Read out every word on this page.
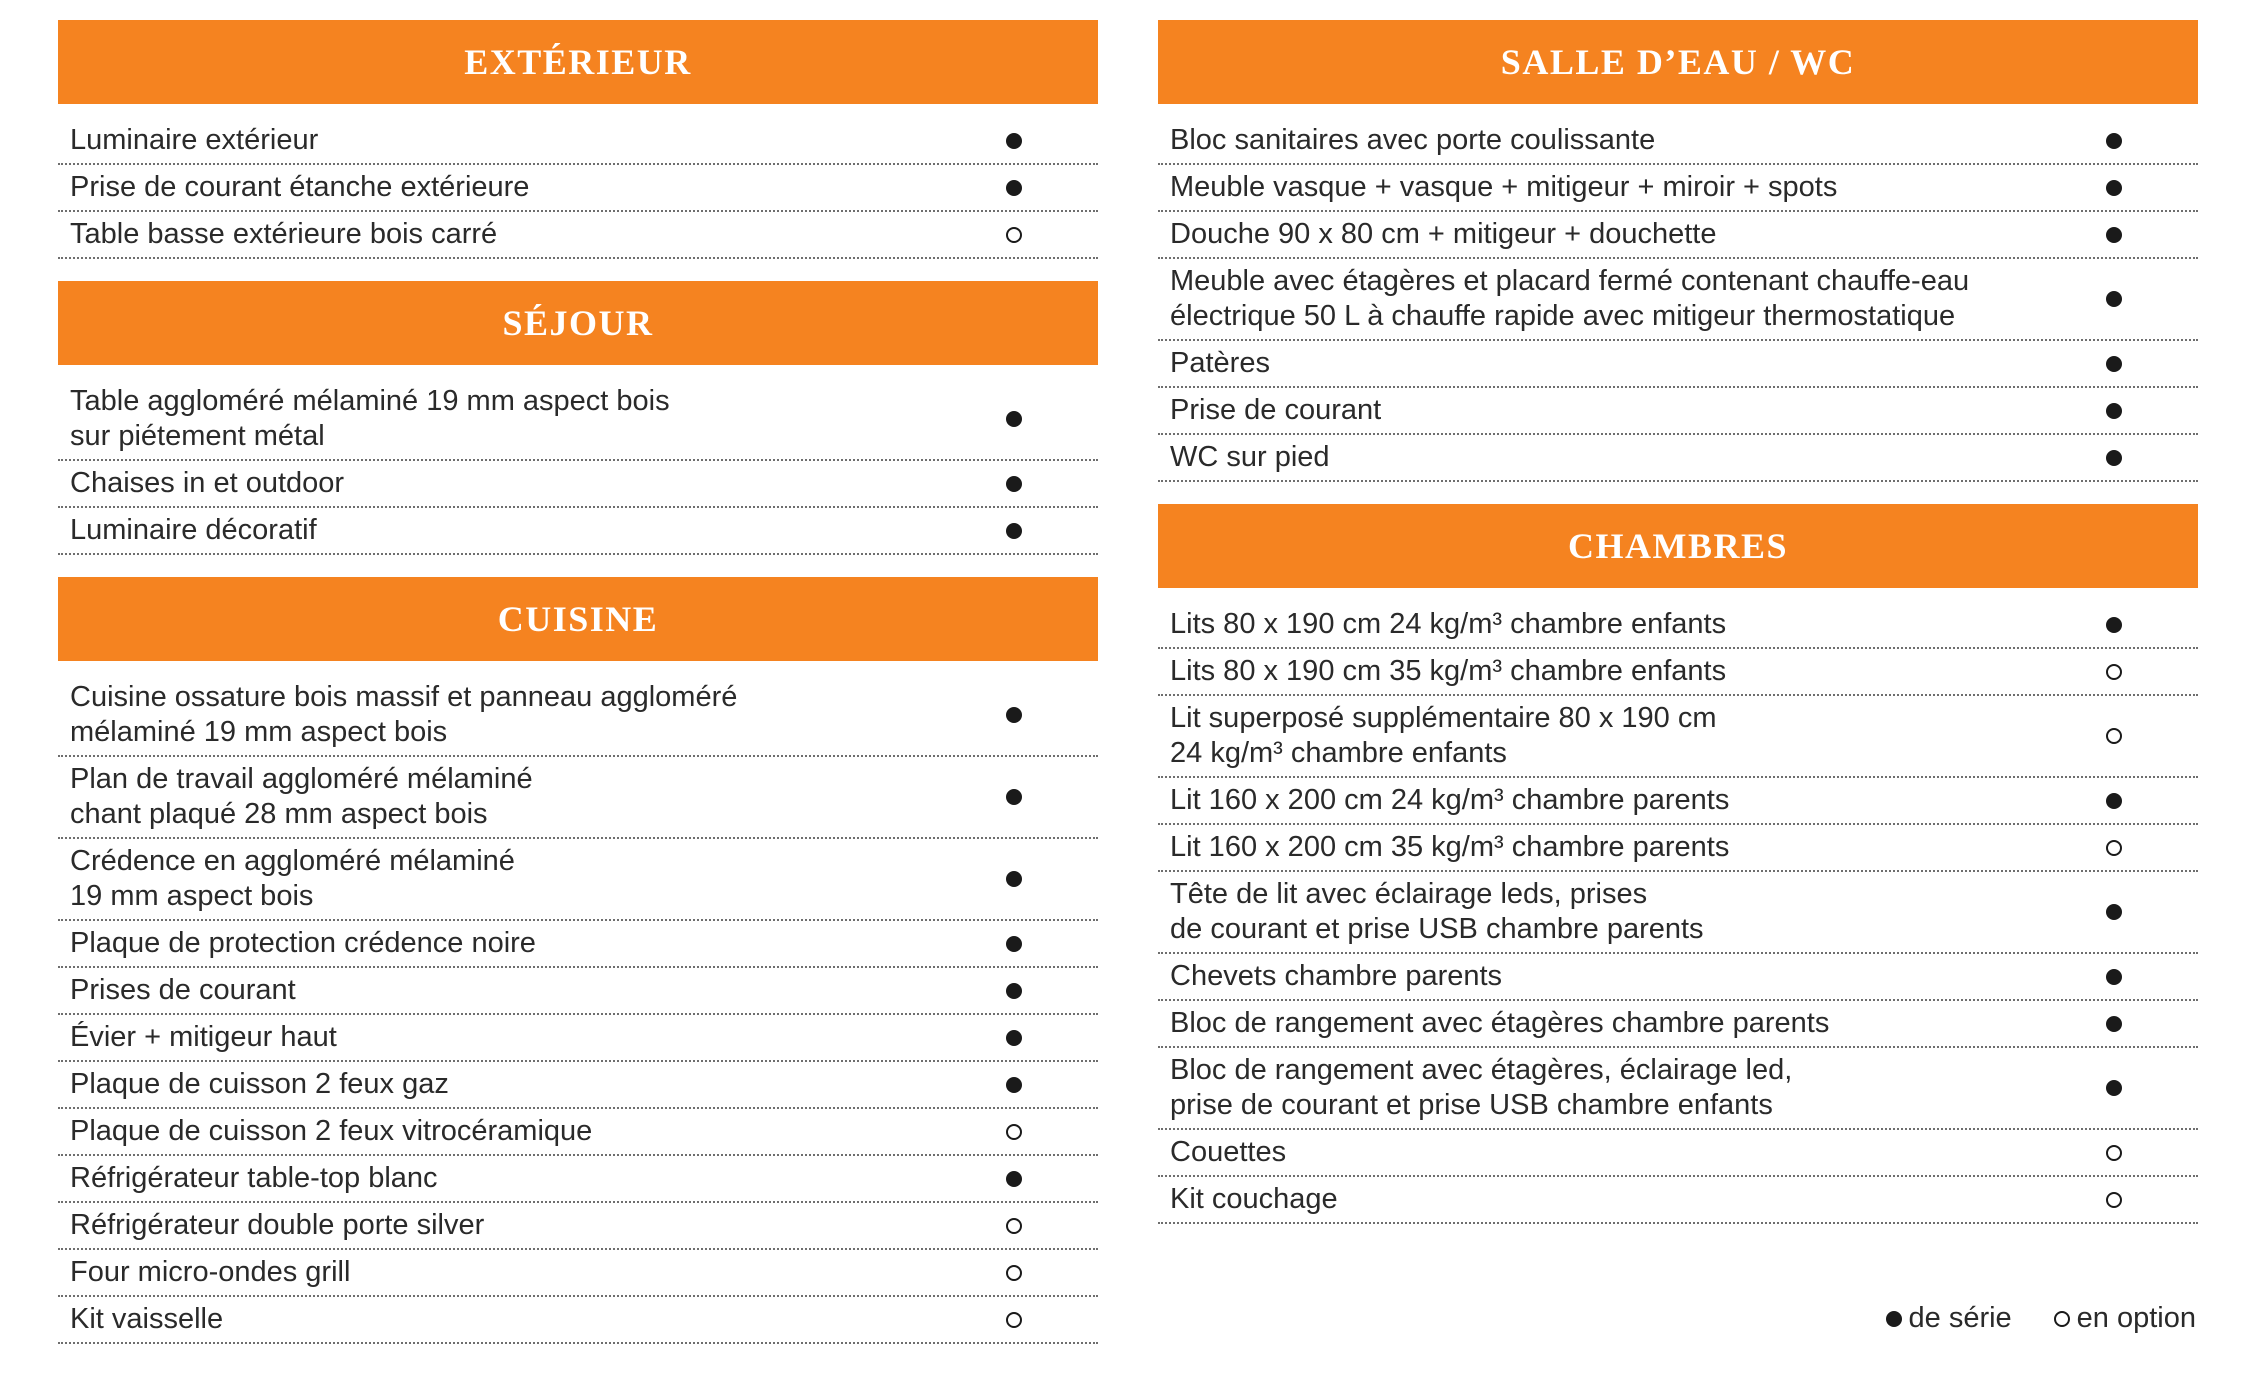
EXTÉRIEUR
Luminaire extérieur
Prise de courant étanche extérieure
Table basse extérieure bois carré
SÉJOUR
Table aggloméré mélaminé 19 mm aspect bois
sur piétement métal
Chaises in et outdoor
Luminaire décoratif
CUISINE
Cuisine ossature bois massif et panneau aggloméré
mélaminé 19 mm aspect bois
Plan de travail aggloméré mélaminé
chant plaqué 28 mm aspect bois
Crédence en aggloméré mélaminé
19 mm aspect bois
Plaque de protection crédence noire
Prises de courant
Évier + mitigeur haut
Plaque de cuisson 2 feux gaz
Plaque de cuisson 2 feux vitrocéramique
Réfrigérateur table-top blanc
Réfrigérateur double porte silver
Four micro-ondes grill
Kit vaisselle
SALLE D’EAU / WC
Bloc sanitaires avec porte coulissante
Meuble vasque + vasque + mitigeur + miroir + spots
Douche 90 x 80 cm + mitigeur + douchette
Meuble avec étagères et placard fermé contenant chauffe-eau
électrique 50 L à chauffe rapide avec mitigeur thermostatique
Patères
Prise de courant
WC sur pied
CHAMBRES
Lits 80 x 190 cm 24 kg/m³ chambre enfants
Lits 80 x 190 cm 35 kg/m³ chambre enfants
Lit superposé supplémentaire 80 x 190 cm
24 kg/m³ chambre enfants
Lit 160 x 200 cm 24 kg/m³ chambre parents
Lit 160 x 200 cm 35 kg/m³ chambre parents
Tête de lit avec éclairage leds, prises
de courant et prise USB chambre parents
Chevets chambre parents
Bloc de rangement avec étagères chambre parents
Bloc de rangement avec étagères, éclairage led,
prise de courant et prise USB chambre enfants
Couettes
Kit couchage
de série en option
